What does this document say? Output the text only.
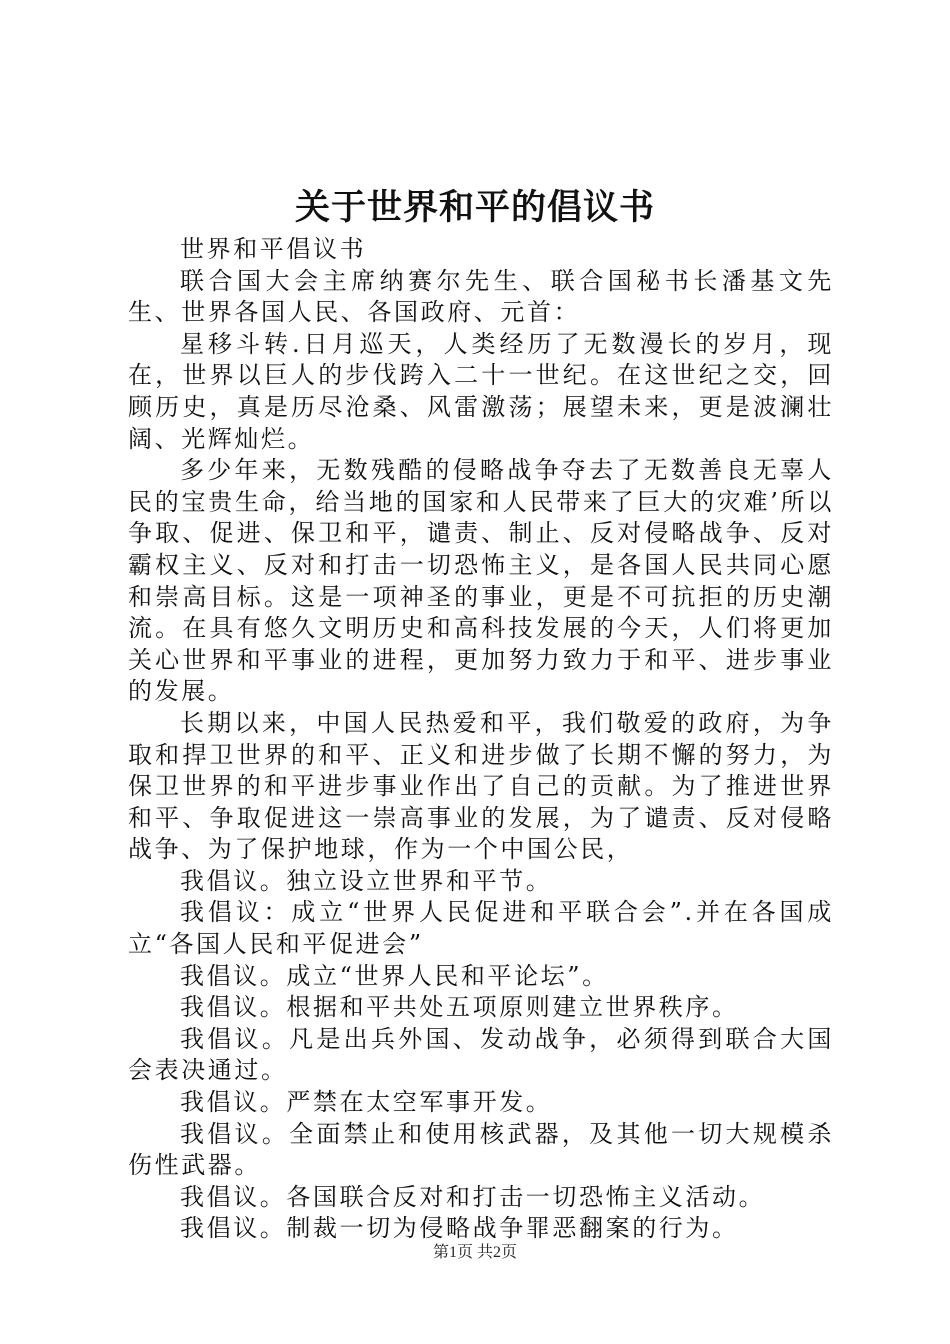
关于世界和平的倡议书

世界和平倡议书

联合国大会主席纳赛尔先生、联合国秘书长潘基文先生、世界各国人民、各国政府、元首：

星移斗转.日月巡天，人类经历了无数漫长的岁月，现在，世界以巨人的步伐跨入二十一世纪。在这世纪之交，回顾历史，真是历尽沧桑、风雷激荡；展望未来，更是波澜壮阔、光辉灿烂。

多少年来，无数残酷的侵略战争夺去了无数善良无辜人民的宝贵生命，给当地的国家和人民带来了巨大的灾难’所以争取、促进、保卫和平，谴责、制止、反对侵略战争、反对霸权主义、反对和打击一切恐怖主义，是各国人民共同心愿和崇高目标。这是一项神圣的事业，更是不可抗拒的历史潮流。在具有悠久文明历史和高科技发展的今天，人们将更加关心世界和平事业的进程，更加努力致力于和平、进步事业的发展。

长期以来，中国人民热爱和平，我们敬爱的政府，为争取和捍卫世界的和平、正义和进步做了长期不懈的努力，为保卫世界的和平进步事业作出了自己的贡献。为了推进世界和平、争取促进这一崇高事业的发展，为了谴责、反对侵略战争、为了保护地球，作为一个中国公民，

我倡议。独立设立世界和平节。

我倡议：成立“世界人民促进和平联合会”.并在各国成立“各国人民和平促进会”

我倡议。成立“世界人民和平论坛”。

我倡议。根据和平共处五项原则建立世界秩序。

我倡议。凡是出兵外国、发动战争，必须得到联合大国会表决通过。

我倡议。严禁在太空军事开发。

我倡议。全面禁止和使用核武器，及其他一切大规模杀伤性武器。

我倡议。各国联合反对和打击一切恐怖主义活动。

我倡议。制裁一切为侵略战争罪恶翻案的行为。

第1页 共2页
